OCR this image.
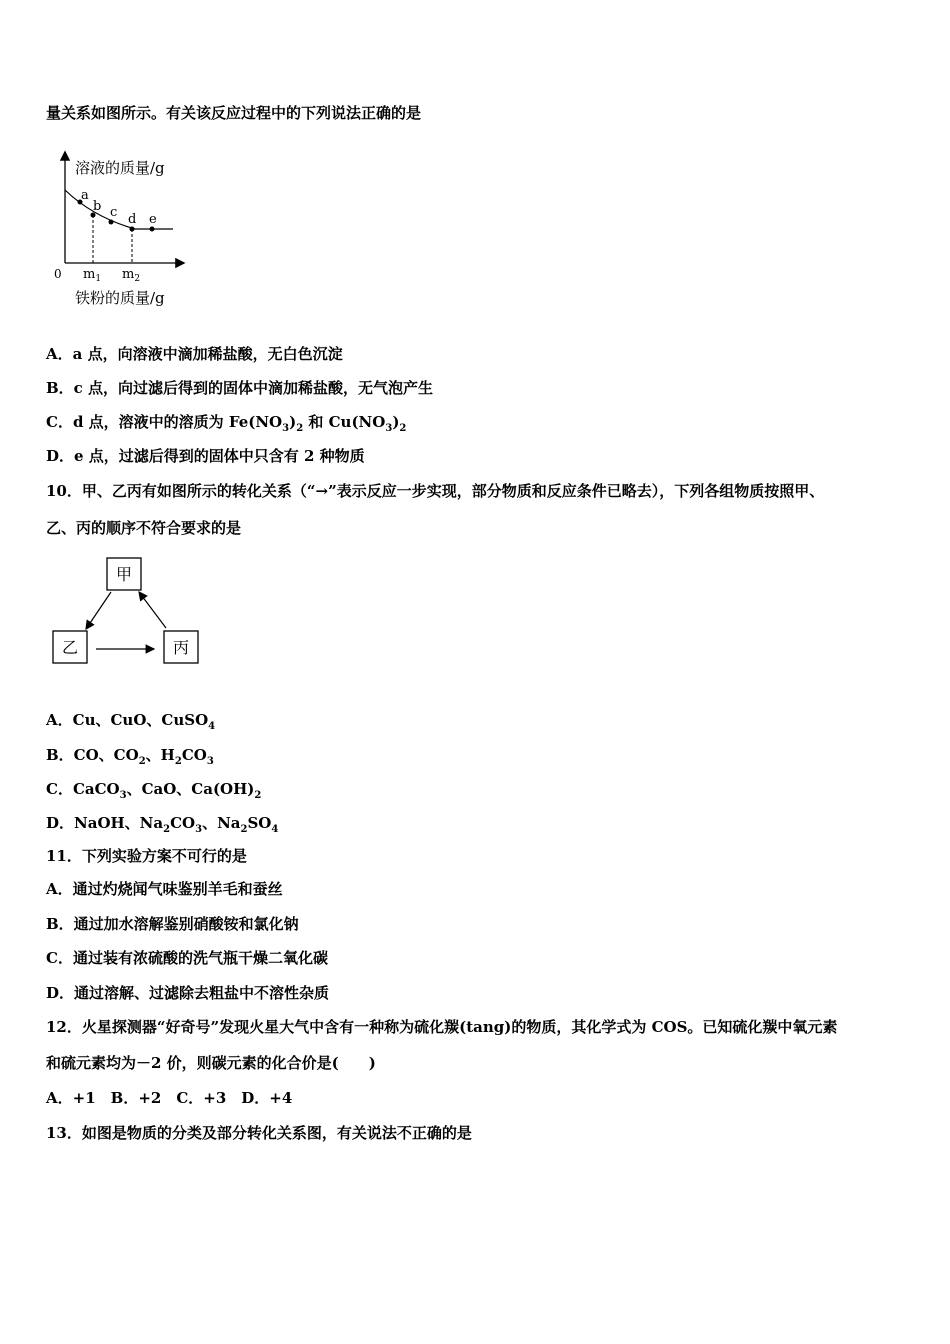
量关系如图所示。有关该反应过程中的下列说法正确的是
溶液的质量/g
a
b c d e
0 $m_1$ $m_2$
铁粉的质量/g
A．a 点，向溶液中滴加稀盐酸，无白色沉淀
B．c 点，向过滤后得到的固体中滴加稀盐酸，无气泡产生
C．d 点，溶液中的溶质为 $Fe(NO_3)_2$ 和 $Cu(NO_3)_2$
D．e 点，过滤后得到的固体中只含有 2 种物质
10．甲、乙丙有如图所示的转化关系（“→”表示反应一步实现，部分物质和反应条件已略去），下列各组物质按照甲、
乙、丙的顺序不符合要求的是
甲
乙	丙
A．Cu、CuO、CuSO$_4$
B．CO、$CO_2$、$H_2CO_3$
C．CaCO$_3$、CaO、$Ca(OH)_2$
D．NaOH、$Na_2CO_3$、$Na_2SO_4$
11．下列实验方案不可行的是
A．通过灼烧闻气味鉴别羊毛和蚕丝
B．通过加水溶解鉴别硝酸铵和氯化钠
C．通过装有浓硫酸的洗气瓶干燥二氧化碳
D．通过溶解、过滤除去粗盐中不溶性杂质
12．火星探测器“好奇号”发现火星大气中含有一种称为硫化羰(tang)的物质，其化学式为 COS。已知硫化羰中氧元素
和硫元素均为－2 价，则碳元素的化合价是(　　)
A．+1　B．+2　C．+3　D．+4
13．如图是物质的分类及部分转化关系图，有关说法不正确的是
